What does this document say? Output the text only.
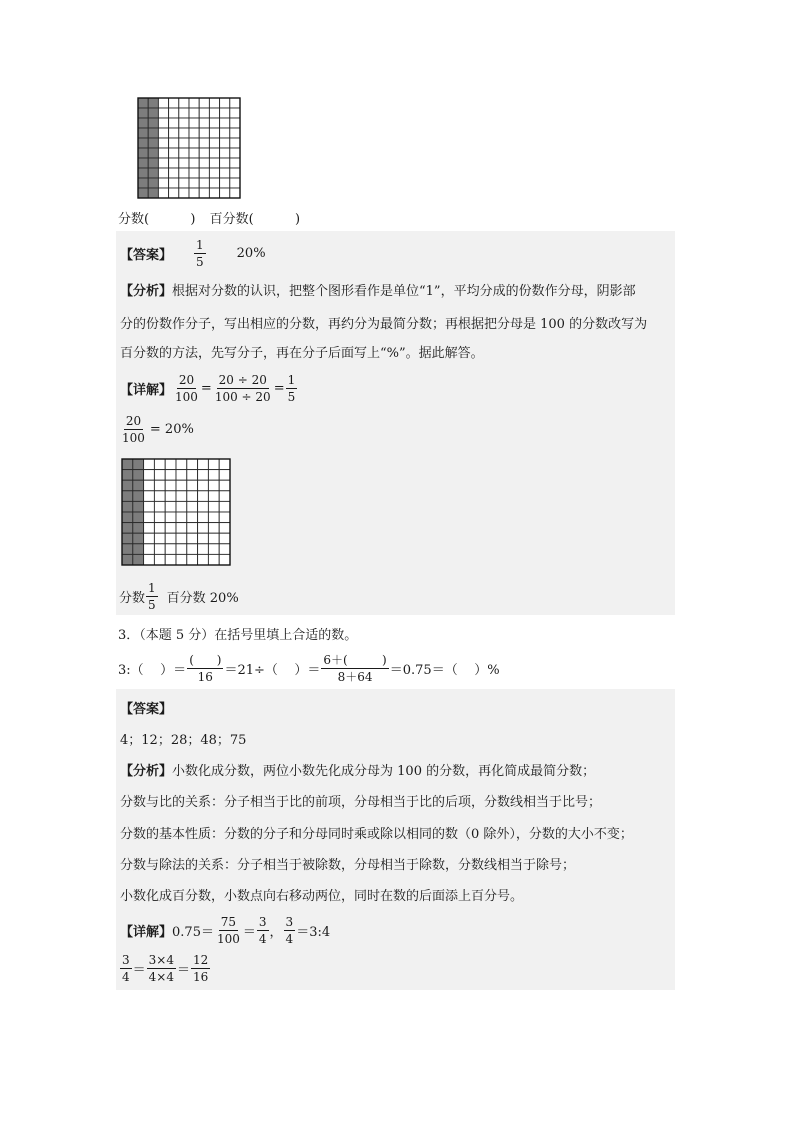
分数(	) 百分数(	)
【答案】 $\frac{1}{5} 20\%$
【分析】根据对分数的认识，把整个图形看作是单位“1”，平均分成的份数作分母，阴影部
分的份数作分子，写出相应的分数，再约分为最简分数；再根据把分母是 100 的分数改写为
百分数的方法，先写分子，再在分子后面写上“%”。据此解答。
【详解】 $\frac{20}{100} = \frac{20 \div 20}{100 \div 20} = \frac{1}{5}$
$\frac{20}{100} = 20\%$
分数 $\frac{1}{5}$ 百分数 20%
3．（本题 5 分）在括号里填上合适的数。
3:（    ）＝ $\frac{( )}{16} =21\div$（    ）＝ $\frac{6+( )}{8+64} =0.75=$（    ）%
【答案】
4；12；28；48；75
【分析】小数化成分数，两位小数先化成分母为 100 的分数，再化简成最简分数；
分数与比的关系：分子相当于比的前项，分母相当于比的后项，分数线相当于比号；
分数的基本性质：分数的分子和分母同时乘或除以相同的数（0 除外），分数的大小不变；
分数与除法的关系：分子相当于被除数，分母相当于除数，分数线相当于除号；
小数化成百分数，小数点向右移动两位，同时在数的后面添上百分号。
【详解】 $0.75= \frac{75}{100} = \frac{3}{4}$ ， $\frac{3}{4}$ ＝3:4
$\frac{3}{4} = \frac{3\times 4}{4\times 4} = \frac{12}{16}$
